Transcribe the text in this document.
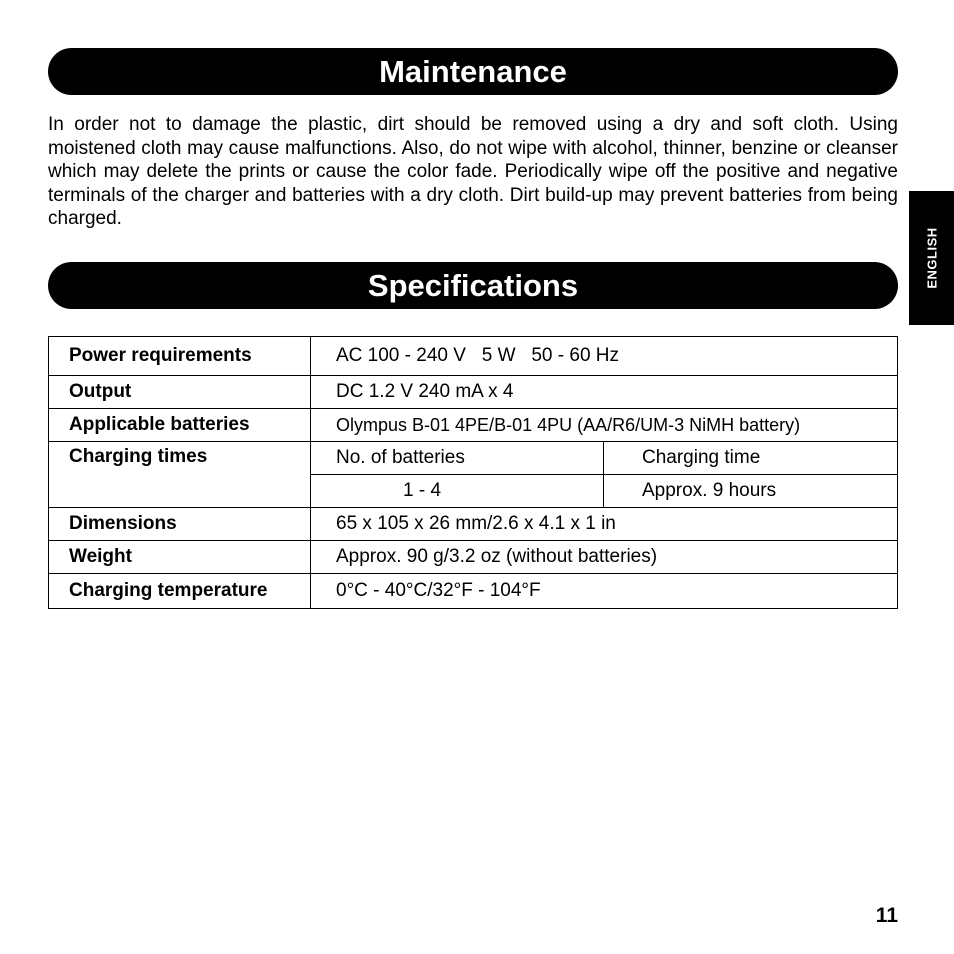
Maintenance

In order not to damage the plastic, dirt should be removed using a dry and soft cloth. Using moistened cloth may cause malfunctions. Also, do not wipe with alcohol, thinner, benzine or cleanser which may delete the prints or cause the color fade. Periodically wipe off the positive and negative terminals of the charger and batteries with a dry cloth. Dirt build-up may prevent batteries from being charged.

Specifications	ENGLISH
Power requirements	AC 100 - 240 V   5 W   50 - 60 Hz	
Output	DC 1.2 V 240 mA x 4	
Applicable batteries	Olympus B-01 4PE/B-01 4PU (AA/R6/UM-3 NiMH battery)	
Charging times	No. of batteries	Charging time
	1 - 4	Approx. 9 hours
Dimensions	65 x 105 x 26 mm/2.6 x 4.1 x 1 in	
Weight	Approx. 90 g/3.2 oz (without batteries)	
Charging temperature	0°C - 40°C/32°F - 104°F	
11
